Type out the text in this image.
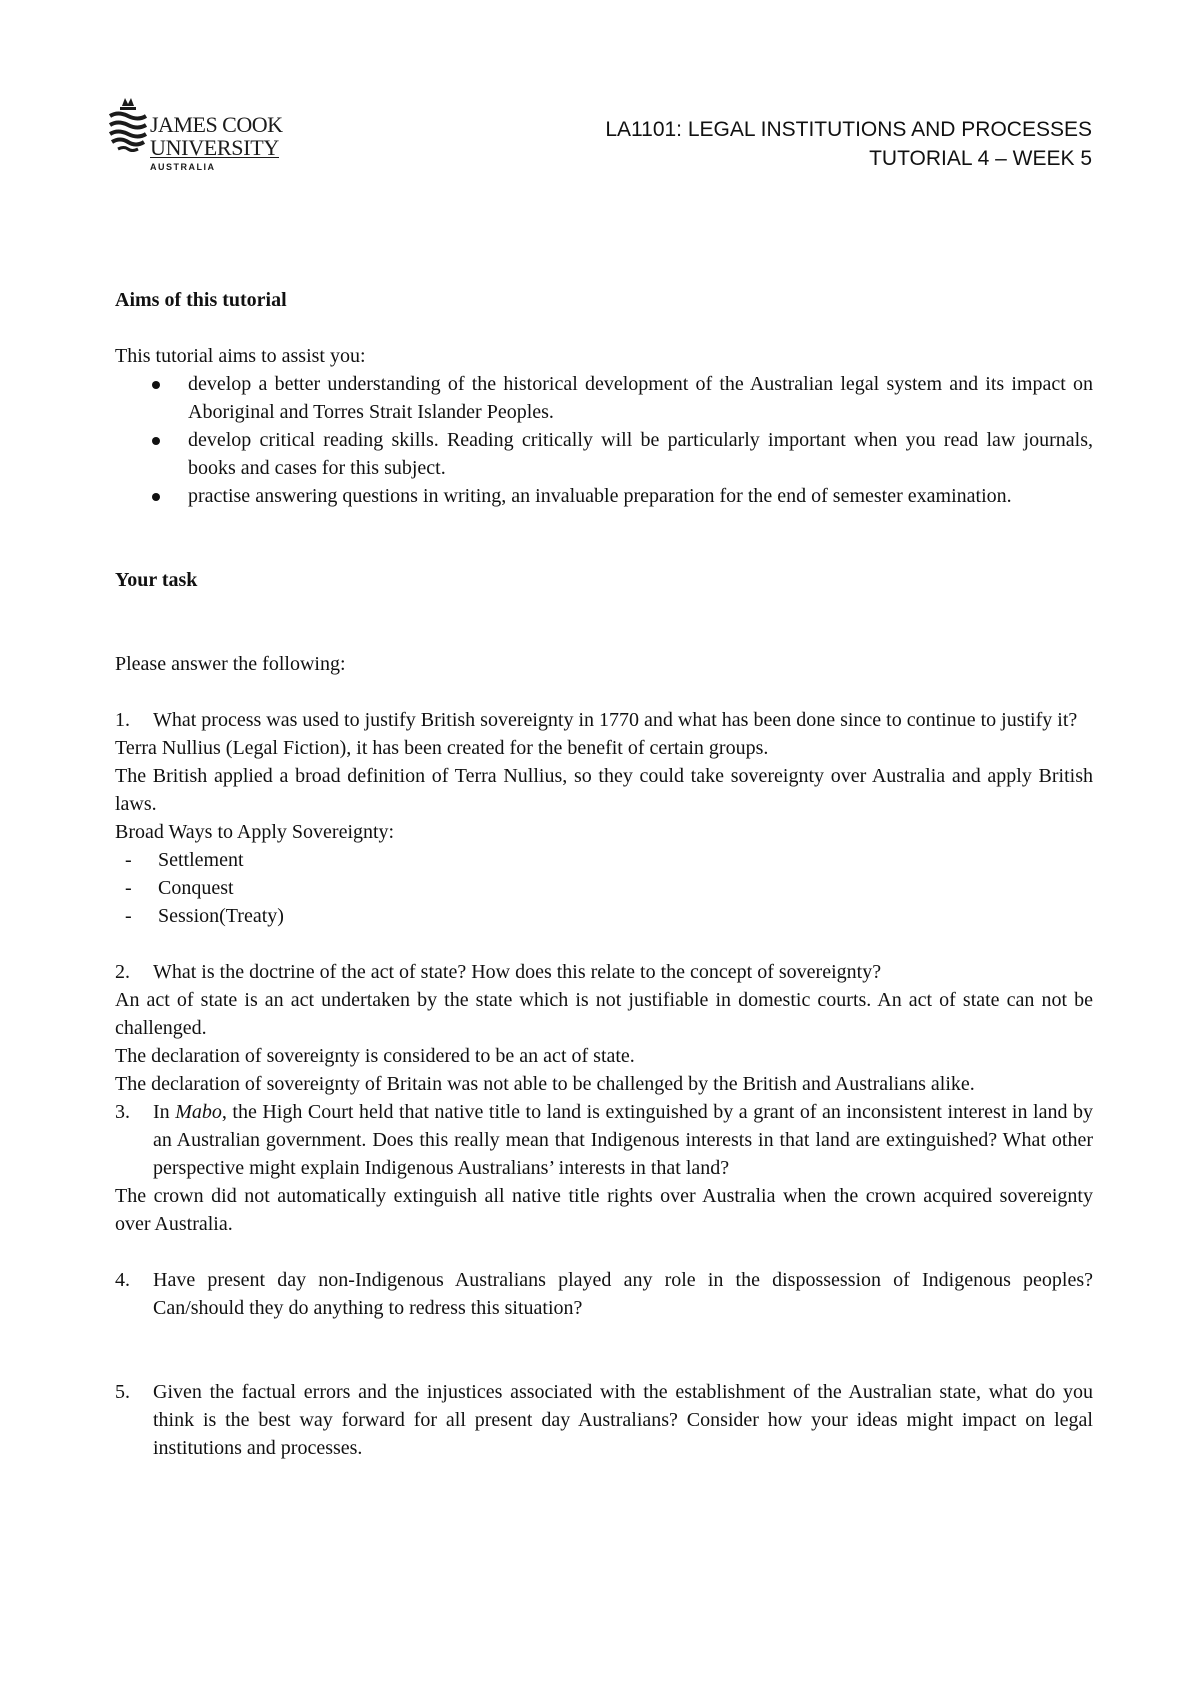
JAMES COOK
UNIVERSITY
AUSTRALIA
LA1101: LEGAL INSTITUTIONS AND PROCESSES
TUTORIAL 4 – WEEK 5

Aims of this tutorial

This tutorial aims to assist you:

develop a better understanding of the historical development of the Australian legal system and its impact on Aboriginal and Torres Strait Islander Peoples.
develop critical reading skills. Reading critically will be particularly important when you read law journals, books and cases for this subject.
practise answering questions in writing, an invaluable preparation for the end of semester examination.

Your task

Please answer the following:

1. What process was used to justify British sovereignty in 1770 and what has been done since to continue to justify it?

Terra Nullius (Legal Fiction), it has been created for the benefit of certain groups.

The British applied a broad definition of Terra Nullius, so they could take sovereignty over Australia and apply British laws.

Broad Ways to Apply Sovereignty:

- Settlement
- Conquest
- Session(Treaty)
2. What is the doctrine of the act of state? How does this relate to the concept of sovereignty?

An act of state is an act undertaken by the state which is not justifiable in domestic courts. An act of state can not be challenged.

The declaration of sovereignty is considered to be an act of state.

The declaration of sovereignty of Britain was not able to be challenged by the British and Australians alike.

3. In Mabo, the High Court held that native title to land is extinguished by a grant of an inconsistent interest in land by an Australian government. Does this really mean that Indigenous interests in that land are extinguished? What other perspective might explain Indigenous Australians’ interests in that land?

The crown did not automatically extinguish all native title rights over Australia when the crown acquired sovereignty over Australia.

4. Have present day non-Indigenous Australians played any role in the dispossession of Indigenous peoples? Can/should they do anything to redress this situation?
5. Given the factual errors and the injustices associated with the establishment of the Australian state, what do you think is the best way forward for all present day Australians? Consider how your ideas might impact on legal institutions and processes.
